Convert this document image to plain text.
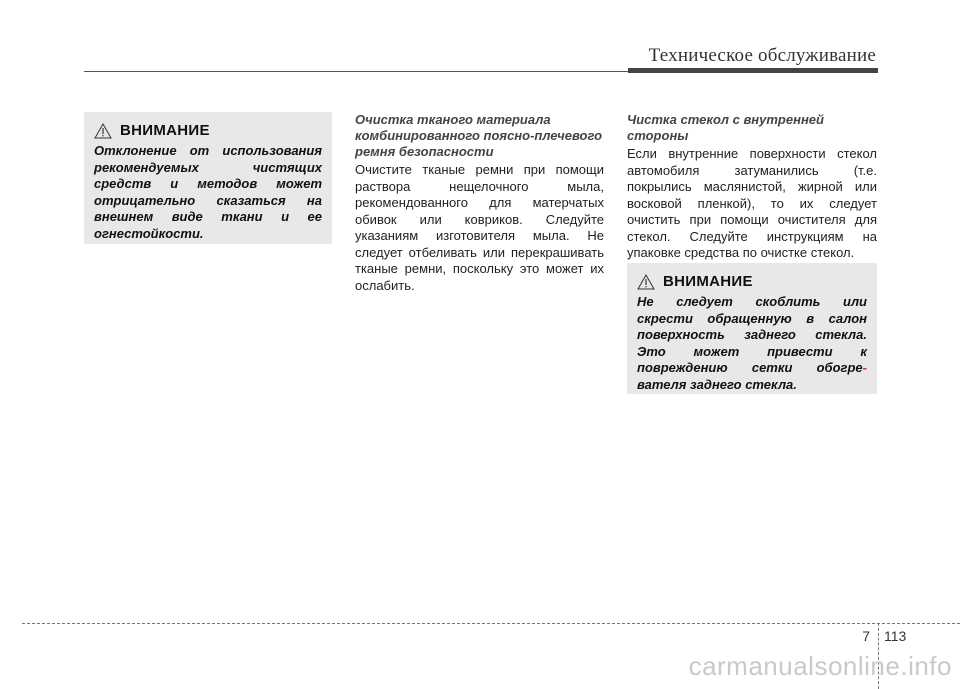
Техническое обслуживание
ВНИМАНИЕ
Отклонение от использования рекомендуемых чистящих средств и методов может отрицательно сказаться на внешнем виде ткани и ее огнестойкости.
Очистка тканого материала комбинированного поясно-плечевого ремня безопасности

Очистите тканые ремни при помощи раствора нещелочного мыла, рекомендованного для матерчатых обивок или ковриков. Следуйте указаниям изготовителя мыла. Не следует отбеливать или перекрашивать тканые ремни, поскольку это может их ослабить.

Чистка стекол с внутренней стороны

Если внутренние поверхности стекол автомобиля затуманились (т.е. покрылись маслянистой, жирной или восковой пленкой), то их следует очистить при помощи очистителя для стекол. Следуйте инструкциям на упаковке средства по очистке стекол.

ВНИМАНИЕ
Не следует скоблить или скрести обращенную в салон поверхность заднего стекла. Это может привести к повреждению сетки обогре- вателя заднего стекла.
7 113
carmanualsonline.info
